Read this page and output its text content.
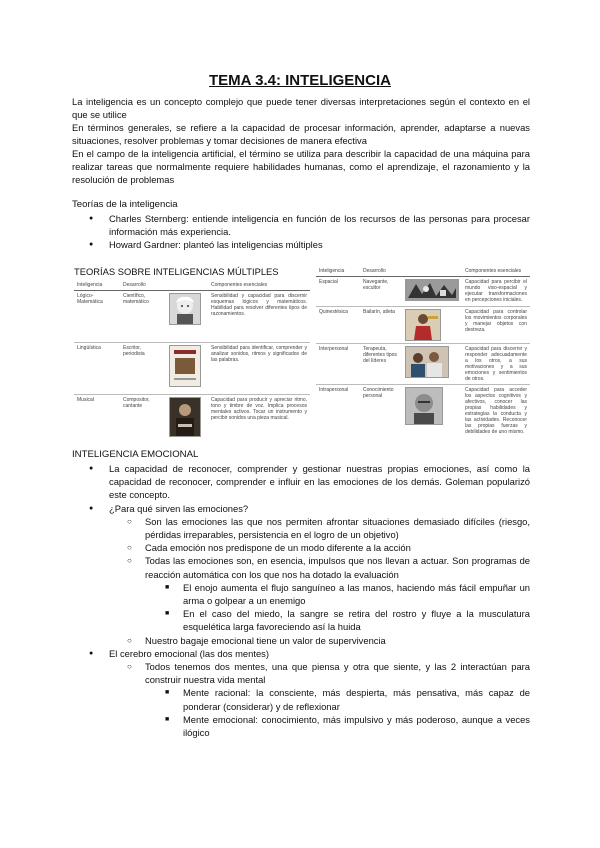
TEMA 3.4: INTELIGENCIA

La inteligencia es un concepto complejo que puede tener diversas interpretaciones según el contexto en el que se utilice

En términos generales, se refiere a la capacidad de procesar información, aprender, adaptarse a nuevas situaciones, resolver problemas y tomar decisiones de manera efectiva

En el campo de la inteligencia artificial, el término se utiliza para describir la capacidad de una máquina para realizar tareas que normalmente requiere habilidades humanas, como el aprendizaje, el razonamiento y la resolución de problemas

Teorías de la inteligencia

● Charles Sternberg: entiende inteligencia en función de los recursos de las personas para procesar información más experiencia.
● Howard Gardner: planteó las inteligencias múltiples

TEORÍAS SOBRE INTELIGENCIAS MÚLTIPLES

Inteligencia	Desarrollo		Componentes esenciales
Lógico-Matemática	Científico, matemático		Sensibilidad y capacidad para discernir esquemas lógicos y matemáticos. Habilidad para resolver diferentes tipos de razonamientos.
Lingüística	Escritor, periodista		Sensibilidad para identificar, comprender y analizar sonidos, ritmos y significados de las palabras.
Musical	Compositor, cantante		Capacidad para producir y apreciar ritmo, tono y timbre de voz. Implica procesos mentales activos. Tocar un instrumento y percibir sonidos una pieza musical.
Inteligencia	Desarrollo		Componentes esenciales
Espacial	Navegante, escultor		Capacidad para percibir el mundo viso-espacial y ejecutar transformaciones en percepciones iniciales.
Quinestésica	Bailarín, atleta		Capacidad para controlar los movimientos corporales y manejar objetos con destreza.
Interpersonal	Terapeuta, diferentes tipos del líderes		Capacidad para discernir y responder adecuadamente a los otros, a sus motivaciones y a sus emociones y sentimientos de otros.
Intrapersonal	Conocimiento personal		Capacidad para acceder los aspectos cognitivos y afectivos, conocer las propias habilidades y estrategias la conducta y las actividades. Reconocer las propias fuerzas y debilidades de uno mismo.

INTELIGENCIA EMOCIONAL

● La capacidad de reconocer, comprender y gestionar nuestras propias emociones, así como la capacidad de reconocer, comprender e influir en las emociones de los demás. Goleman popularizó este concepto.
● ¿Para qué sirven las emociones?
○ Son las emociones las que nos permiten afrontar situaciones demasiado difíciles (riesgo, pérdidas irreparables, persistencia en el logro de un objetivo)
○ Cada emoción nos predispone de un modo diferente a la acción
○ Todas las emociones son, en esencia, impulsos que nos llevan a actuar. Son programas de reacción automática con los que nos ha dotado la evaluación
■ El enojo aumenta el flujo sanguíneo a las manos, haciendo más fácil empuñar un arma o golpear a un enemigo
■ En el caso del miedo, la sangre se retira del rostro y fluye a la musculatura esquelética larga favoreciendo así la huida
○ Nuestro bagaje emocional tiene un valor de supervivencia
● El cerebro emocional (las dos mentes)
○ Todos tenemos dos mentes, una que piensa y otra que siente, y las 2 interactúan para construir nuestra vida mental
■ Mente racional: la consciente, más despierta, más pensativa, más capaz de ponderar (considerar) y de reflexionar
■ Mente emocional: conocimiento, más impulsivo y más poderoso, aunque a veces ilógico
